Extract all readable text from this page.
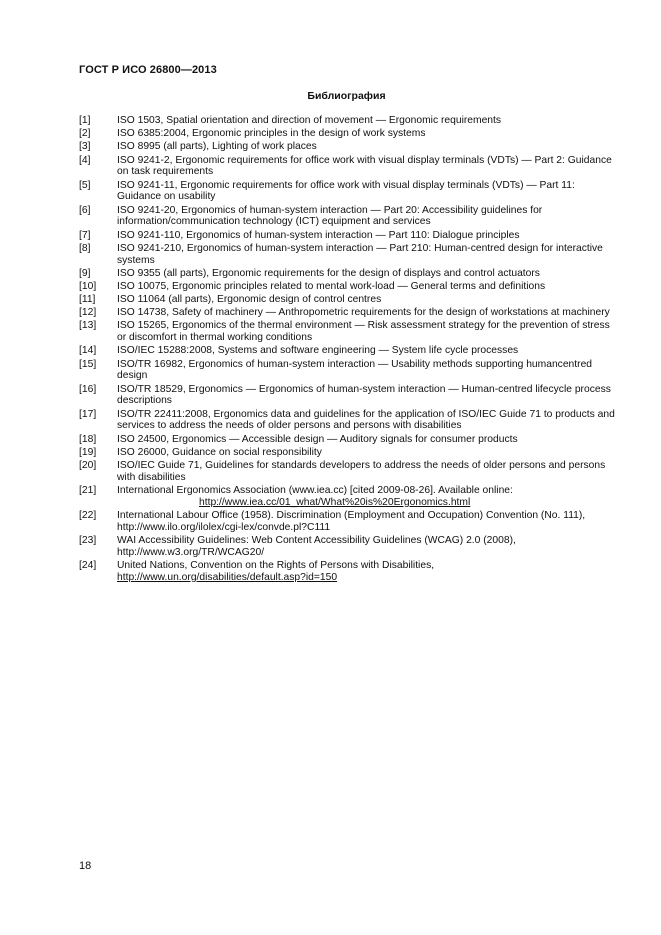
ГОСТ Р ИСО 26800—2013
Библиография
[1]	ISO 1503, Spatial orientation and direction of movement — Ergonomic requirements
[2]	ISO 6385:2004, Ergonomic principles in the design of work systems
[3]	ISO 8995 (all parts), Lighting of work places
[4]	ISO 9241-2, Ergonomic requirements for office work with visual display terminals (VDTs) — Part 2: Guidance on task requirements
[5]	ISO 9241-11, Ergonomic requirements for office work with visual display terminals (VDTs) — Part 11: Guidance on usability
[6]	ISO 9241-20, Ergonomics of human-system interaction — Part 20: Accessibility guidelines for information/communication technology (ICT) equipment and services
[7]	ISO 9241-110, Ergonomics of human-system interaction — Part 110: Dialogue principles
[8]	ISO 9241-210, Ergonomics of human-system interaction — Part 210: Human-centred design for interactive systems
[9]	ISO 9355 (all parts), Ergonomic requirements for the design of displays and control actuators
[10]	ISO 10075, Ergonomic principles related to mental work-load — General terms and definitions
[11]	ISO 11064 (all parts), Ergonomic design of control centres
[12]	ISO 14738, Safety of machinery — Anthropometric requirements for the design of workstations at machinery
[13]	ISO 15265, Ergonomics of the thermal environment — Risk assessment strategy for the prevention of stress or discomfort in thermal working conditions
[14]	ISO/IEC 15288:2008, Systems and software engineering — System life cycle processes
[15]	ISO/TR 16982, Ergonomics of human-system interaction — Usability methods supporting humancentred design
[16]	ISO/TR 18529, Ergonomics — Ergonomics of human-system interaction — Human-centred lifecycle process descriptions
[17]	ISO/TR 22411:2008, Ergonomics data and guidelines for the application of ISO/IEC Guide 71 to products and services to address the needs of older persons and persons with disabilities
[18]	ISO 24500, Ergonomics — Accessible design — Auditory signals for consumer products
[19]	ISO 26000, Guidance on social responsibility
[20]	ISO/IEC Guide 71, Guidelines for standards developers to address the needs of older persons and persons with disabilities
[21]	International Ergonomics Association (www.iea.cc) [cited 2009-08-26]. Available online:
http://www.iea.cc/01_what/What%20is%20Ergonomics.html
[22]	International Labour Office (1958). Discrimination (Employment and Occupation) Convention (No. 111), http://www.ilo.org/ilolex/cgi-lex/convde.pl?C111
[23]	WAI Accessibility Guidelines: Web Content Accessibility Guidelines (WCAG) 2.0 (2008), http://www.w3.org/TR/WCAG20/
[24]	United Nations, Convention on the Rights of Persons with Disabilities,
http://www.un.org/disabilities/default.asp?id=150
18
